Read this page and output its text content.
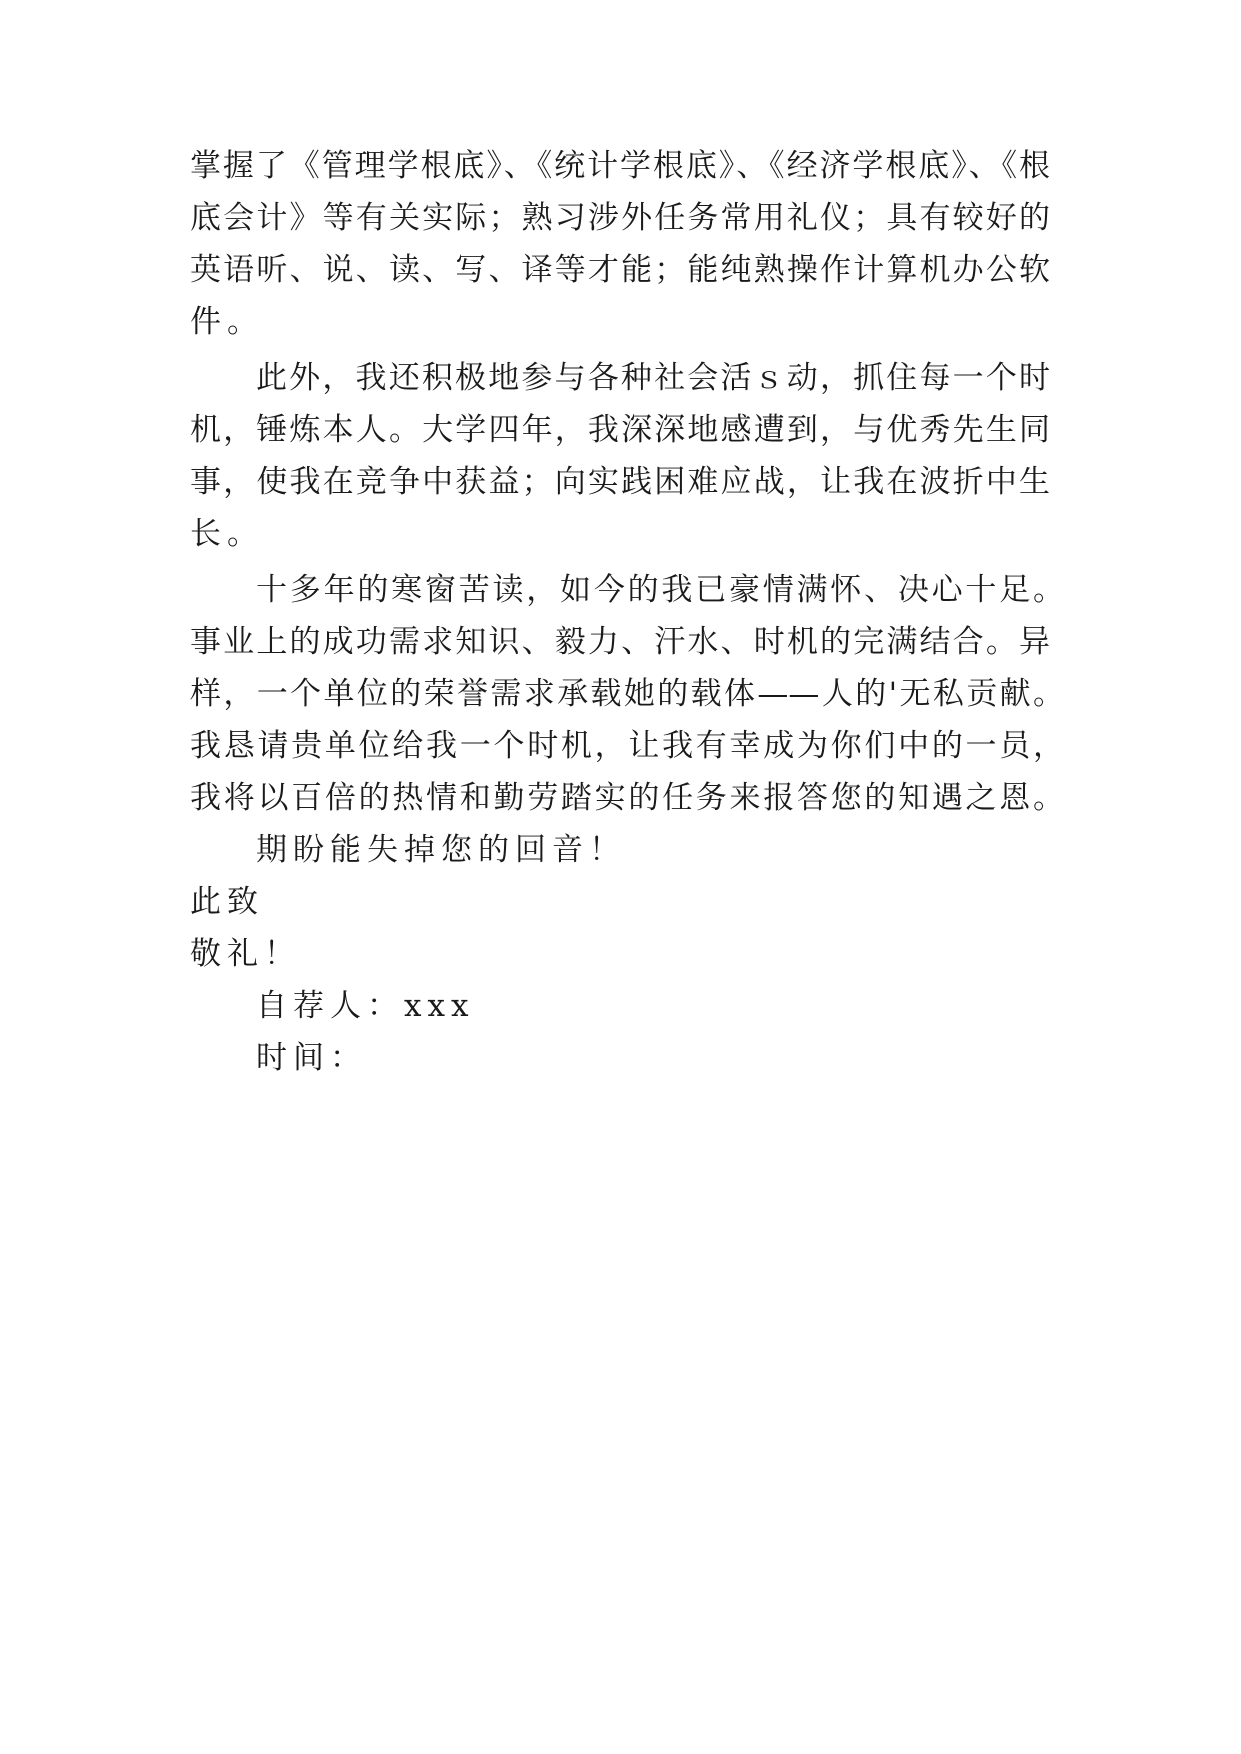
掌握了《管理学根底》、《统计学根底》、《经济学根底》、《根
底会计》等有关实际；熟习涉外任务常用礼仪；具有较好的
英语听、说、读、写、译等才能；能纯熟操作计算机办公软
件。
此外，我还积极地参与各种社会活ｓ动，抓住每一个时
机，锤炼本人。大学四年，我深深地感遭到，与优秀先生同
事，使我在竞争中获益；向实践困难应战，让我在波折中生
长。
十多年的寒窗苦读，如今的我已豪情满怀、决心十足。
事业上的成功需求知识、毅力、汗水、时机的完满结合。异
样，一个单位的荣誉需求承载她的载体——人的'无私贡献。
我恳请贵单位给我一个时机，让我有幸成为你们中的一员，
我将以百倍的热情和勤劳踏实的任务来报答您的知遇之恩。
期盼能失掉您的回音！
此致
敬礼！
自荐人：xxx
时间：
